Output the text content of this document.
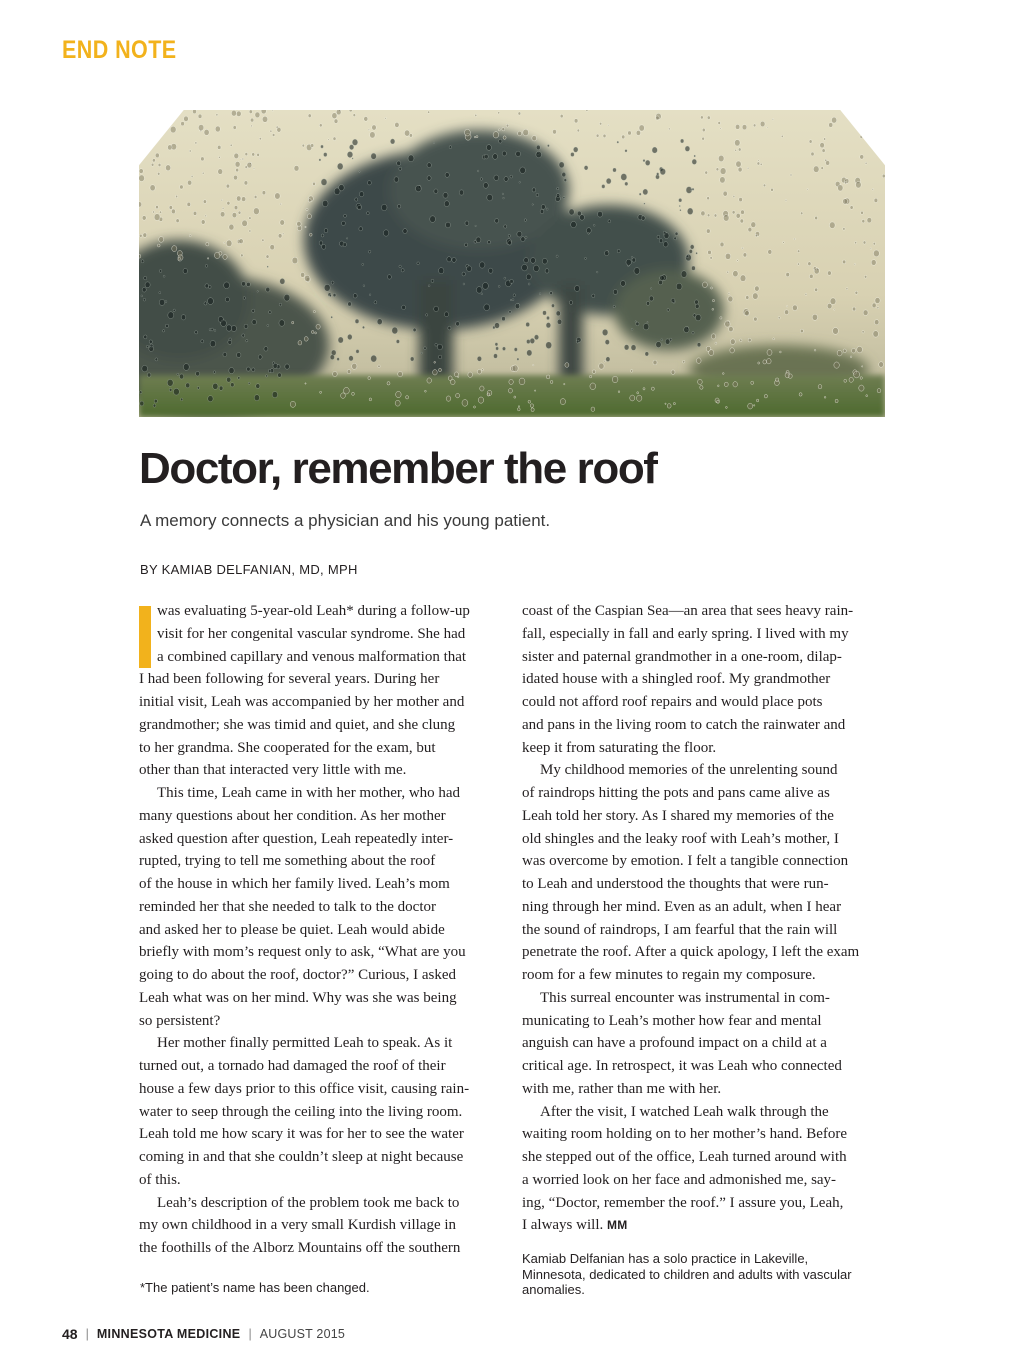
END NOTE
Doctor, remember the roof
A memory connects a physician and his young patient.
BY KAMIAB DELFANIAN, MD, MPH

was evaluating 5-year-old Leah* during a follow-up

visit for her congenital vascular syndrome. She had

a combined capillary and venous malformation that

I had been following for several years. During her

initial visit, Leah was accompanied by her mother and

grandmother; she was timid and quiet, and she clung

to her grandma. She cooperated for the exam, but

other than that interacted very little with me.

This time, Leah came in with her mother, who had

many questions about her condition. As her mother

asked question after question, Leah repeatedly inter-

rupted, trying to tell me something about the roof

of the house in which her family lived. Leah’s mom

reminded her that she needed to talk to the doctor

and asked her to please be quiet. Leah would abide

briefly with mom’s request only to ask, “What are you

going to do about the roof, doctor?” Curious, I asked

Leah what was on her mind. Why was she was being

so persistent?

Her mother finally permitted Leah to speak. As it

turned out, a tornado had damaged the roof of their

house a few days prior to this office visit, causing rain-

water to seep through the ceiling into the living room.

Leah told me how scary it was for her to see the water

coming in and that she couldn’t sleep at night because

of this.

Leah’s description of the problem took me back to

my own childhood in a very small Kurdish village in

the foothills of the Alborz Mountains off the southern

coast of the Caspian Sea—an area that sees heavy rain-

fall, especially in fall and early spring. I lived with my

sister and paternal grandmother in a one-room, dilap-

idated house with a shingled roof. My grandmother

could not afford roof repairs and would place pots

and pans in the living room to catch the rainwater and

keep it from saturating the floor.

My childhood memories of the unrelenting sound

of raindrops hitting the pots and pans came alive as

Leah told her story. As I shared my memories of the

old shingles and the leaky roof with Leah’s mother, I

was overcome by emotion. I felt a tangible connection

to Leah and understood the thoughts that were run-

ning through her mind. Even as an adult, when I hear

the sound of raindrops, I am fearful that the rain will

penetrate the roof. After a quick apology, I left the exam

room for a few minutes to regain my composure.

This surreal encounter was instrumental in com-

municating to Leah’s mother how fear and mental

anguish can have a profound impact on a child at a

critical age. In retrospect, it was Leah who connected

with me, rather than me with her.

After the visit, I watched Leah walk through the

waiting room holding on to her mother’s hand. Before

she stepped out of the office, Leah turned around with

a worried look on her face and admonished me, say-

ing, “Doctor, remember the roof.” I assure you, Leah,

I always will. MM

*The patient’s name has been changed.

Kamiab Delfanian has a solo practice in Lakeville,

Minnesota, dedicated to children and adults with vascular

anomalies.

48 | MINNESOTA MEDICINE | AUGUST 2015
